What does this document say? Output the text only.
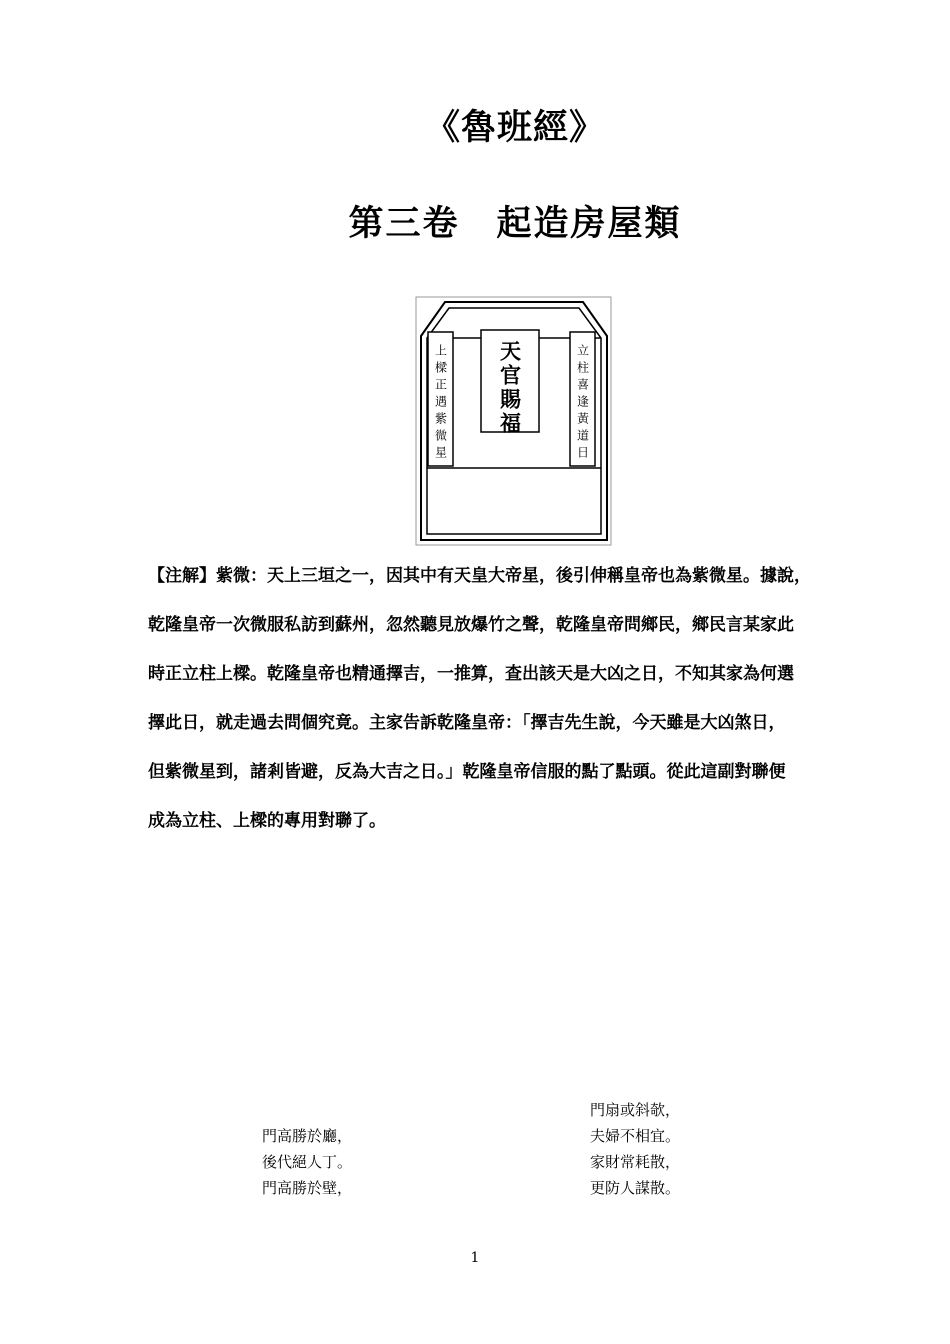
《魯班經》
第三卷　起造房屋類
上樑正遇紫微星	立柱喜逢黃道日
天官賜福

【注解】紫微：天上三垣之一，因其中有天皇大帝星，後引伸稱皇帝也為紫微星。據說，

乾隆皇帝一次微服私訪到蘇州，忽然聽見放爆竹之聲，乾隆皇帝問鄉民，鄉民言某家此

時正立柱上樑。乾隆皇帝也精通擇吉，一推算，查出該天是大凶之日，不知其家為何選

擇此日，就走過去問個究竟。主家告訴乾隆皇帝：「擇吉先生說，今天雖是大凶煞日，

但紫微星到，諸剎皆避，反為大吉之日。」乾隆皇帝信服的點了點頭。從此這副對聯便

成為立柱、上樑的專用對聯了。

門高勝於廳，
後代絕人丁。
門高勝於壁，
門扇或斜欹，
夫婦不相宜。
家財常耗散，
更防人謀散。
1
